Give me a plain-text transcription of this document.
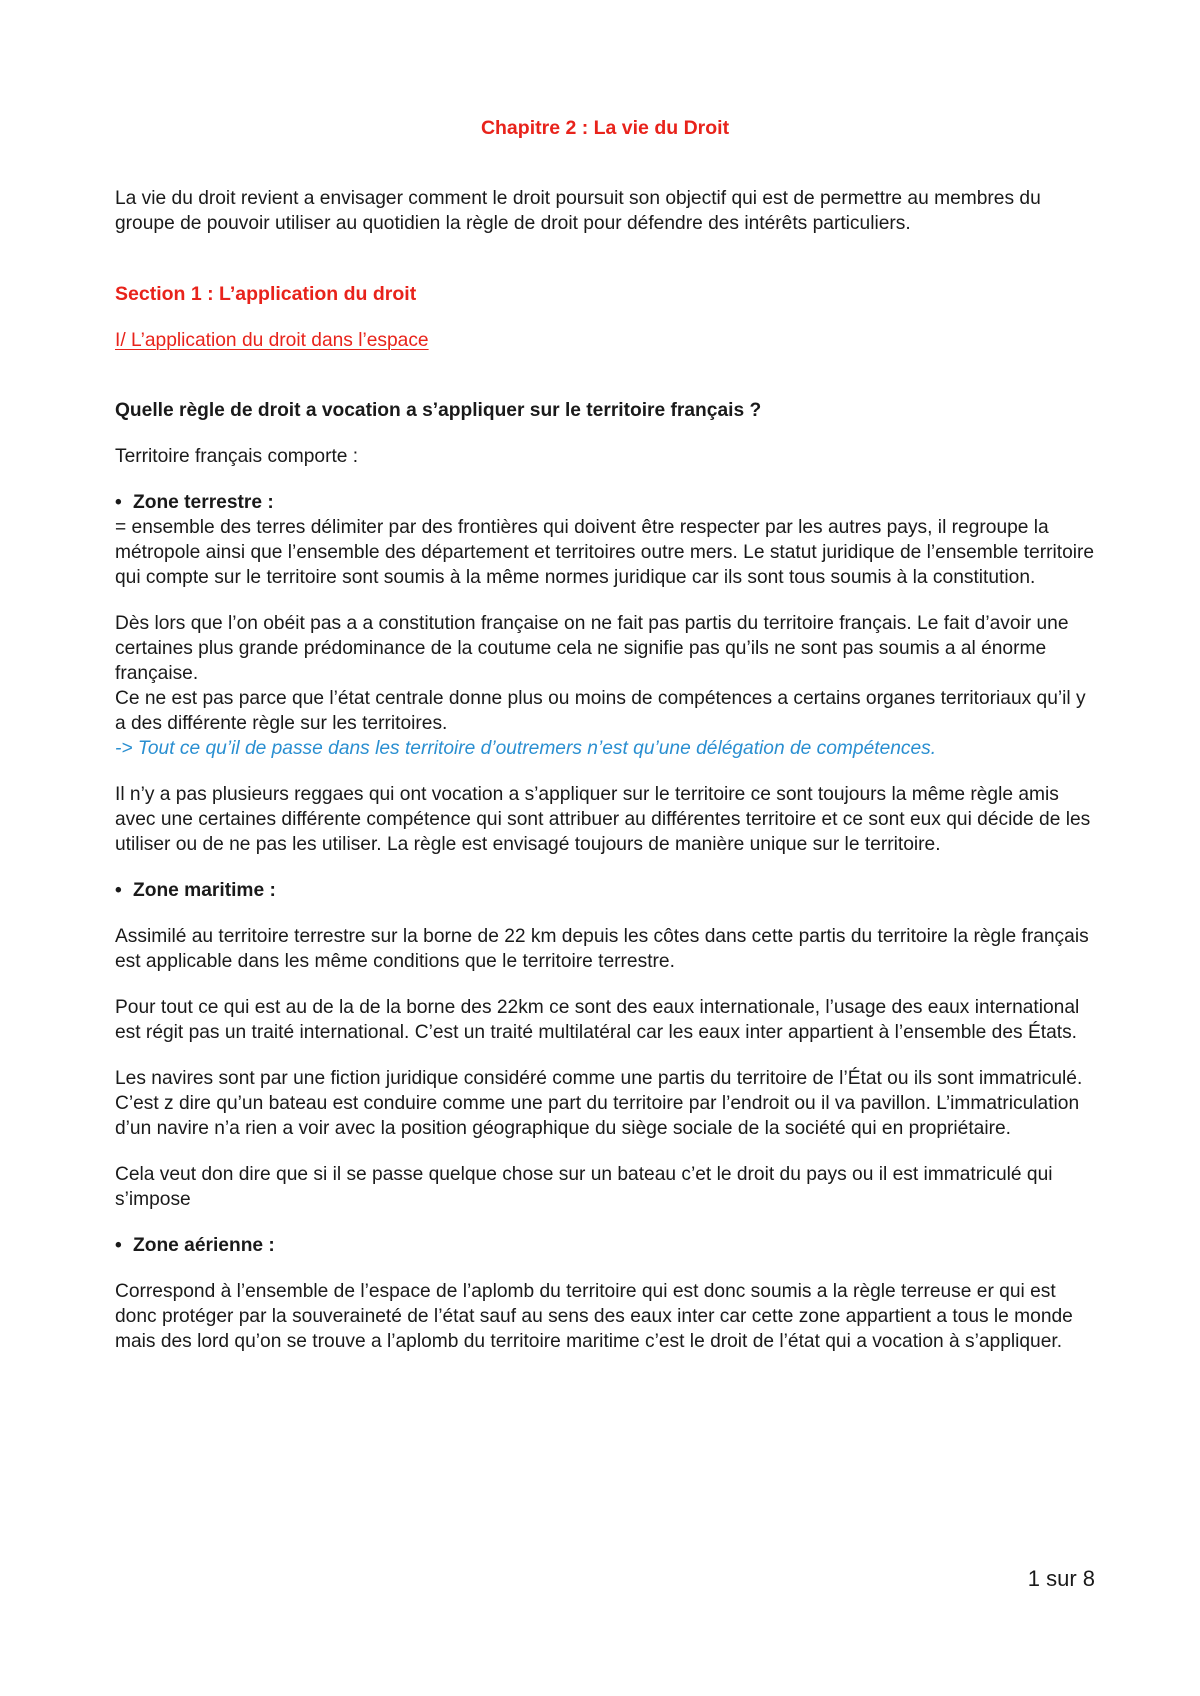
Chapitre 2 : La vie du Droit

La vie du droit revient a envisager comment le droit poursuit son objectif qui est de permettre au membres du groupe de pouvoir utiliser au quotidien la règle de droit pour défendre des intérêts particuliers.

Section 1 : L’application du droit

I/ L’application du droit dans l’espace

Quelle règle de droit a vocation a s’appliquer sur le territoire français ?

Territoire français comporte :

• Zone terrestre :

= ensemble des terres délimiter par des frontières qui doivent être respecter par les autres pays, il regroupe la métropole ainsi que l’ensemble des département et territoires outre mers. Le statut juridique de l’ensemble territoire qui compte sur le territoire sont soumis à la même normes juridique car ils sont tous soumis à la constitution.

Dès lors que l’on obéit pas a a constitution française on ne fait pas partis du territoire français. Le fait d’avoir une certaines plus grande prédominance de la coutume cela ne signifie pas qu’ils ne sont pas soumis a al énorme française.

Ce ne est pas parce que l’état centrale donne plus ou moins de compétences a certains organes territoriaux qu’il y a des différente règle sur les territoires.

-> Tout ce qu’il de passe dans les territoire d’outremers n’est qu’une délégation de compétences.

Il n’y a pas plusieurs reggaes qui ont vocation a s’appliquer sur le territoire ce sont toujours la même règle amis avec une certaines différente compétence qui sont attribuer au différentes territoire et ce sont eux qui décide de les utiliser ou de ne pas les utiliser. La règle est envisagé toujours de manière unique sur le territoire.

• Zone maritime :

Assimilé au territoire terrestre sur la borne de 22 km depuis les côtes dans cette partis du territoire la règle français est applicable dans les même conditions que le territoire terrestre.

Pour tout ce qui est au de la de la borne des 22km ce sont des eaux internationale, l’usage des eaux international est régit pas un traité international. C’est un traité multilatéral car les eaux inter appartient à l’ensemble des États.

Les navires sont par une fiction juridique considéré comme une partis du territoire de l’État ou ils sont immatriculé. C’est z dire qu’un bateau est conduire comme une part du territoire par l’endroit ou il va pavillon. L’immatriculation d’un navire n’a rien a voir avec la position géographique du siège sociale de la société qui en propriétaire.

Cela veut don dire que si il se passe quelque chose sur un bateau c’et le droit du pays ou il est immatriculé qui s’impose

• Zone aérienne :

Correspond à l’ensemble de l’espace de l’aplomb du territoire qui est donc soumis a la règle terreuse er qui est donc protéger par la souveraineté de l’état sauf au sens des eaux inter car cette zone appartient a tous le monde mais des lord qu’on se trouve a l’aplomb du territoire maritime c’est le droit de l’état qui a vocation à s’appliquer.

1 sur 8
